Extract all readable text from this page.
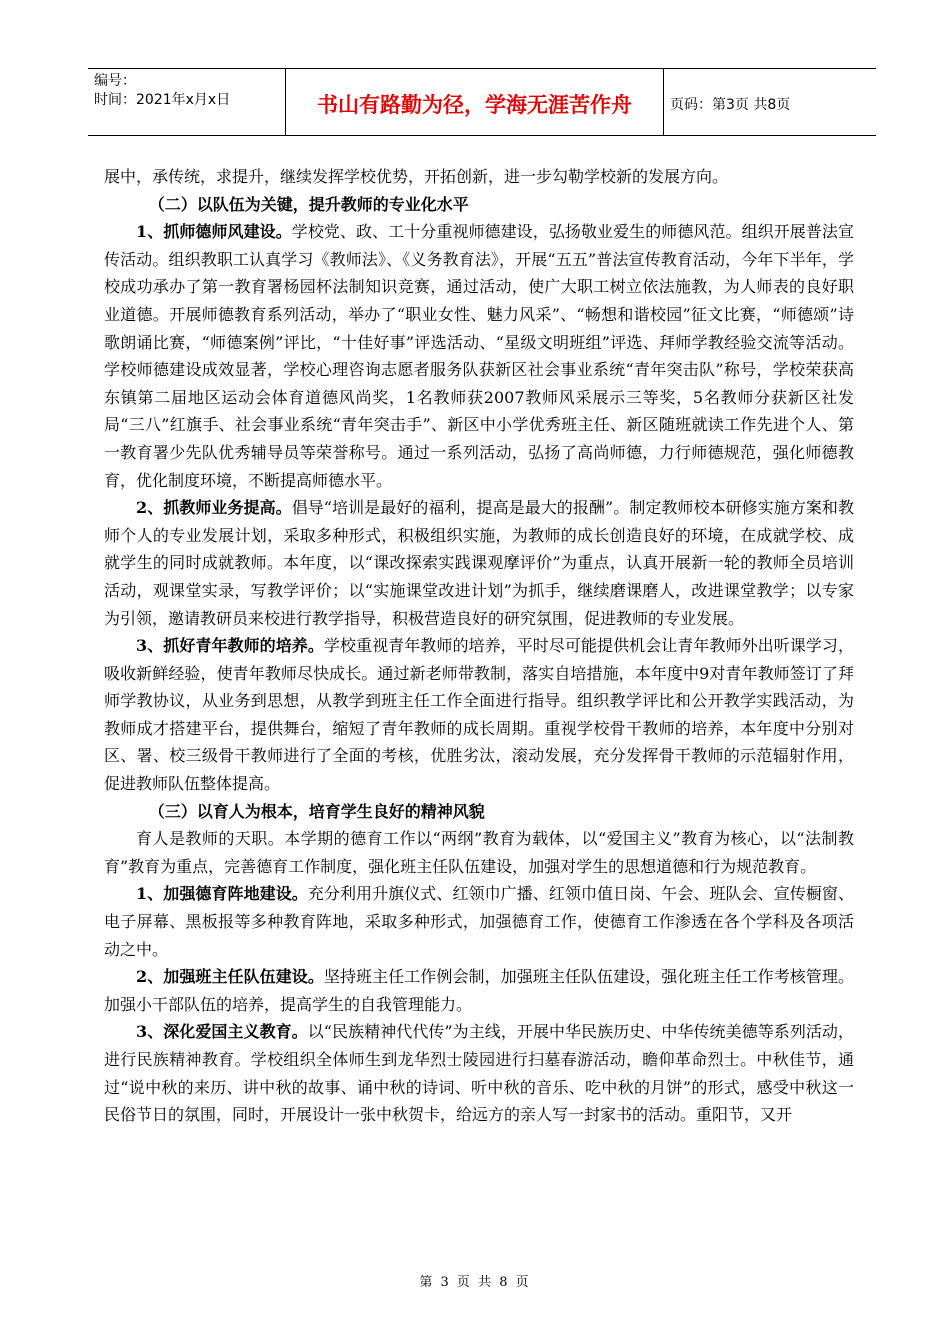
编号：
时间：2021年x月x日	书山有路勤为径，学海无涯苦作舟	页码：第3页 共8页

展中，承传统，求提升，继续发挥学校优势，开拓创新，进一步勾勒学校新的发展方向。

（二）以队伍为关键，提升教师的专业化水平

1、抓师德师风建设。学校党、政、工十分重视师德建设，弘扬敬业爱生的师德风范。组织开展普法宣传活动。组织教职工认真学习《教师法》、《义务教育法》，开展“五五”普法宣传教育活动，今年下半年，学校成功承办了第一教育署杨园杯法制知识竞赛，通过活动，使广大职工树立依法施教，为人师表的良好职业道德。开展师德教育系列活动，举办了“职业女性、魅力风采”、“畅想和谐校园”征文比赛，“师德颂”诗歌朗诵比赛，“师德案例”评比，“十佳好事”评选活动、“星级文明班组”评选、拜师学教经验交流等活动。学校师德建设成效显著，学校心理咨询志愿者服务队获新区社会事业系统“青年突击队”称号，学校荣获高东镇第二届地区运动会体育道德风尚奖，1名教师获2007教师风采展示三等奖，5名教师分获新区社发局“三八”红旗手、社会事业系统“青年突击手”、新区中小学优秀班主任、新区随班就读工作先进个人、第一教育署少先队优秀辅导员等荣誉称号。通过一系列活动，弘扬了高尚师德，力行师德规范，强化师德教育，优化制度环境，不断提高师德水平。

2、抓教师业务提高。倡导“培训是最好的福利，提高是最大的报酬”。制定教师校本研修实施方案和教师个人的专业发展计划，采取多种形式，积极组织实施，为教师的成长创造良好的环境，在成就学校、成就学生的同时成就教师。本年度，以“课改探索实践课观摩评价”为重点，认真开展新一轮的教师全员培训活动，观课堂实录，写教学评价；以“实施课堂改进计划”为抓手，继续磨课磨人，改进课堂教学；以专家为引领，邀请教研员来校进行教学指导，积极营造良好的研究氛围，促进教师的专业发展。

3、抓好青年教师的培养。学校重视青年教师的培养，平时尽可能提供机会让青年教师外出听课学习，吸收新鲜经验，使青年教师尽快成长。通过新老师带教制，落实自培措施，本年度中9对青年教师签订了拜师学教协议，从业务到思想，从教学到班主任工作全面进行指导。组织教学评比和公开教学实践活动，为教师成才搭建平台，提供舞台，缩短了青年教师的成长周期。重视学校骨干教师的培养，本年度中分别对区、署、校三级骨干教师进行了全面的考核，优胜劣汰，滚动发展，充分发挥骨干教师的示范辐射作用，促进教师队伍整体提高。

（三）以育人为根本，培育学生良好的精神风貌

育人是教师的天职。本学期的德育工作以“两纲”教育为载体，以“爱国主义”教育为核心，以“法制教育”教育为重点，完善德育工作制度，强化班主任队伍建设，加强对学生的思想道德和行为规范教育。

1、加强德育阵地建设。充分利用升旗仪式、红领巾广播、红领巾值日岗、午会、班队会、宣传橱窗、电子屏幕、黑板报等多种教育阵地，采取多种形式，加强德育工作，使德育工作渗透在各个学科及各项活动之中。

2、加强班主任队伍建设。坚持班主任工作例会制，加强班主任队伍建设，强化班主任工作考核管理。加强小干部队伍的培养，提高学生的自我管理能力。

3、深化爱国主义教育。以“民族精神代代传”为主线，开展中华民族历史、中华传统美德等系列活动，进行民族精神教育。学校组织全体师生到龙华烈士陵园进行扫墓春游活动，瞻仰革命烈士。中秋佳节，通过“说中秋的来历、讲中秋的故事、诵中秋的诗词、听中秋的音乐、吃中秋的月饼”的形式，感受中秋这一民俗节日的氛围，同时，开展设计一张中秋贺卡，给远方的亲人写一封家书的活动。重阳节，又开

第 3 页 共 8 页
